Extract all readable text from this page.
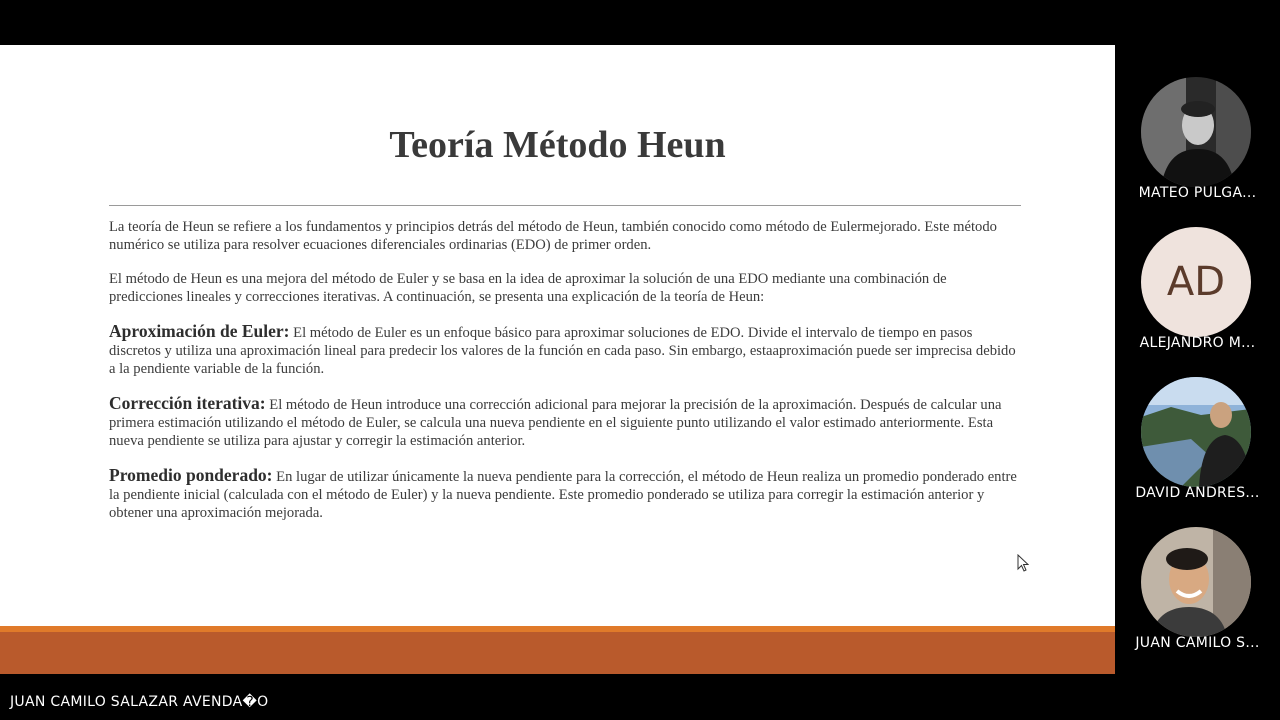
Teoría Método Heun

La teoría de Heun se refiere a los fundamentos y principios detrás del método de Heun, también conocido como método de Eulermejorado. Este método numérico se utiliza para resolver ecuaciones diferenciales ordinarias (EDO) de primer orden.

El método de Heun es una mejora del método de Euler y se basa en la idea de aproximar la solución de una EDO mediante una combinación de predicciones lineales y correcciones iterativas. A continuación, se presenta una explicación de la teoría de Heun:

Aproximación de Euler: El método de Euler es un enfoque básico para aproximar soluciones de EDO. Divide el intervalo de tiempo en pasos discretos y utiliza una aproximación lineal para predecir los valores de la función en cada paso. Sin embargo, estaaproximación puede ser imprecisa debido a la pendiente variable de la función.

Corrección iterativa: El método de Heun introduce una corrección adicional para mejorar la precisión de la aproximación. Después de calcular una primera estimación utilizando el método de Euler, se calcula una nueva pendiente en el siguiente punto utilizando el valor estimado anteriormente. Esta nueva pendiente se utiliza para ajustar y corregir la estimación anterior.

Promedio ponderado: En lugar de utilizar únicamente la nueva pendiente para la corrección, el método de Heun realiza un promedio ponderado entre la pendiente inicial (calculada con el método de Euler) y la nueva pendiente. Este promedio ponderado se utiliza para corregir la estimación anterior y obtener una aproximación mejorada.

MATEO PULGA...
AD
ALEJANDRO M...
DAVID ANDRES...
JUAN CAMILO S...
JUAN CAMILO SALAZAR AVENDA�O
